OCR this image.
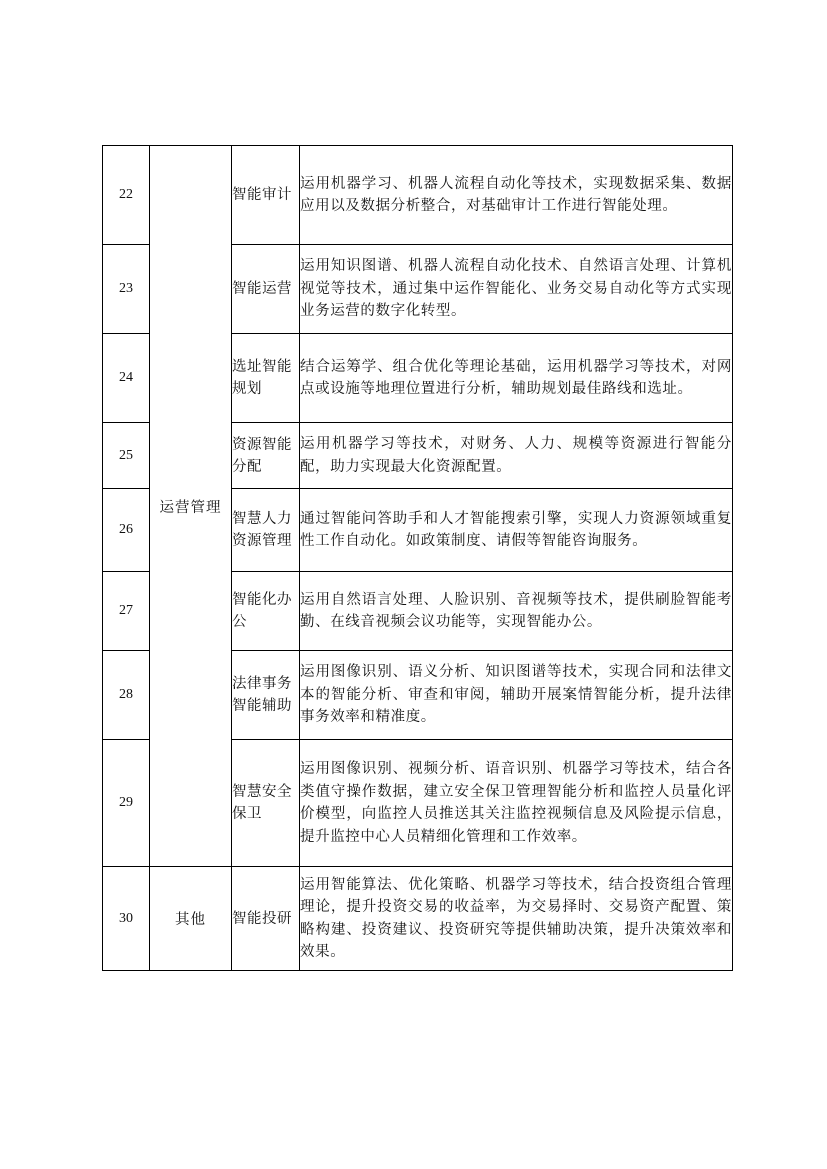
22	运营管理	智能审计	运用机器学习、机器人流程自动化等技术，实现数据采集、数据应用以及数据分析整合，对基础审计工作进行智能处理。
23		智能运营	运用知识图谱、机器人流程自动化技术、自然语言处理、计算机视觉等技术，通过集中运作智能化、业务交易自动化等方式实现业务运营的数字化转型。
24		选址智能规划	结合运筹学、组合优化等理论基础，运用机器学习等技术，对网点或设施等地理位置进行分析，辅助规划最佳路线和选址。
25		资源智能分配	运用机器学习等技术，对财务、人力、规模等资源进行智能分配，助力实现最大化资源配置。
26		智慧人力资源管理	通过智能问答助手和人才智能搜索引擎，实现人力资源领域重复性工作自动化。如政策制度、请假等智能咨询服务。
27		智能化办公	运用自然语言处理、人脸识别、音视频等技术，提供刷脸智能考勤、在线音视频会议功能等，实现智能办公。
28		法律事务智能辅助	运用图像识别、语义分析、知识图谱等技术，实现合同和法律文本的智能分析、审查和审阅，辅助开展案情智能分析，提升法律事务效率和精准度。
29		智慧安全保卫	运用图像识别、视频分析、语音识别、机器学习等技术，结合各类值守操作数据，建立安全保卫管理智能分析和监控人员量化评价模型，向监控人员推送其关注监控视频信息及风险提示信息，提升监控中心人员精细化管理和工作效率。
30	其他	智能投研	运用智能算法、优化策略、机器学习等技术，结合投资组合管理理论，提升投资交易的收益率，为交易择时、交易资产配置、策略构建、投资建议、投资研究等提供辅助决策，提升决策效率和效果。
